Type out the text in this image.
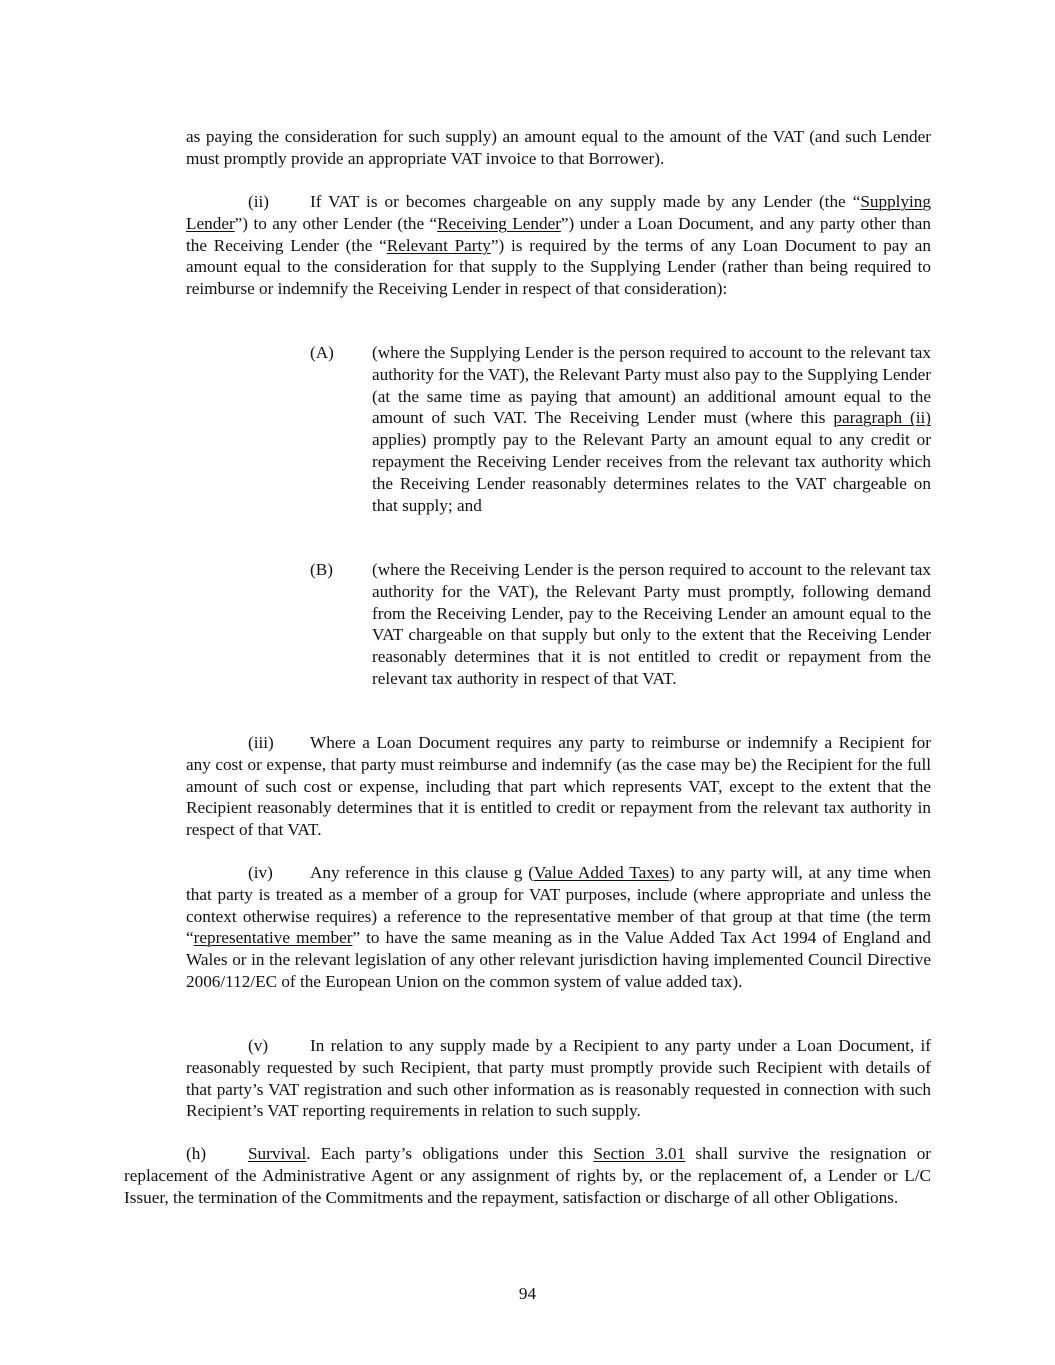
as paying the consideration for such supply) an amount equal to the amount of the VAT (and such Lender must promptly provide an appropriate VAT invoice to that Borrower).

(ii) If VAT is or becomes chargeable on any supply made by any Lender (the “Supplying Lender”) to any other Lender (the “Receiving Lender”) under a Loan Document, and any party other than the Receiving Lender (the “Relevant Party”) is required by the terms of any Loan Document to pay an amount equal to the consideration for that supply to the Supplying Lender (rather than being required to reimburse or indemnify the Receiving Lender in respect of that consideration):

(A)	(where the Supplying Lender is the person required to account to the relevant tax authority for the VAT), the Relevant Party must also pay to the Supplying Lender (at the same time as paying that amount) an additional amount equal to the amount of such VAT. The Receiving Lender must (where this paragraph (ii) applies) promptly pay to the Relevant Party an amount equal to any credit or repayment the Receiving Lender receives from the relevant tax authority which the Receiving Lender reasonably determines relates to the VAT chargeable on that supply; and

(B)	(where the Receiving Lender is the person required to account to the relevant tax authority for the VAT), the Relevant Party must promptly, following demand from the Receiving Lender, pay to the Receiving Lender an amount equal to the VAT chargeable on that supply but only to the extent that the Receiving Lender reasonably determines that it is not entitled to credit or repayment from the relevant tax authority in respect of that VAT.

(iii) Where a Loan Document requires any party to reimburse or indemnify a Recipient for any cost or expense, that party must reimburse and indemnify (as the case may be) the Recipient for the full amount of such cost or expense, including that part which represents VAT, except to the extent that the Recipient reasonably determines that it is entitled to credit or repayment from the relevant tax authority in respect of that VAT.

(iv) Any reference in this clause g (Value Added Taxes) to any party will, at any time when that party is treated as a member of a group for VAT purposes, include (where appropriate and unless the context otherwise requires) a reference to the representative member of that group at that time (the term “representative member” to have the same meaning as in the Value Added Tax Act 1994 of England and Wales or in the relevant legislation of any other relevant jurisdiction having implemented Council Directive 2006/112/EC of the European Union on the common system of value added tax).

(v) In relation to any supply made by a Recipient to any party under a Loan Document, if reasonably requested by such Recipient, that party must promptly provide such Recipient with details of that party’s VAT registration and such other information as is reasonably requested in connection with such Recipient’s VAT reporting requirements in relation to such supply.

(h) Survival. Each party’s obligations under this Section 3.01 shall survive the resignation or replacement of the Administrative Agent or any assignment of rights by, or the replacement of, a Lender or L/C Issuer, the termination of the Commitments and the repayment, satisfaction or discharge of all other Obligations.

94
